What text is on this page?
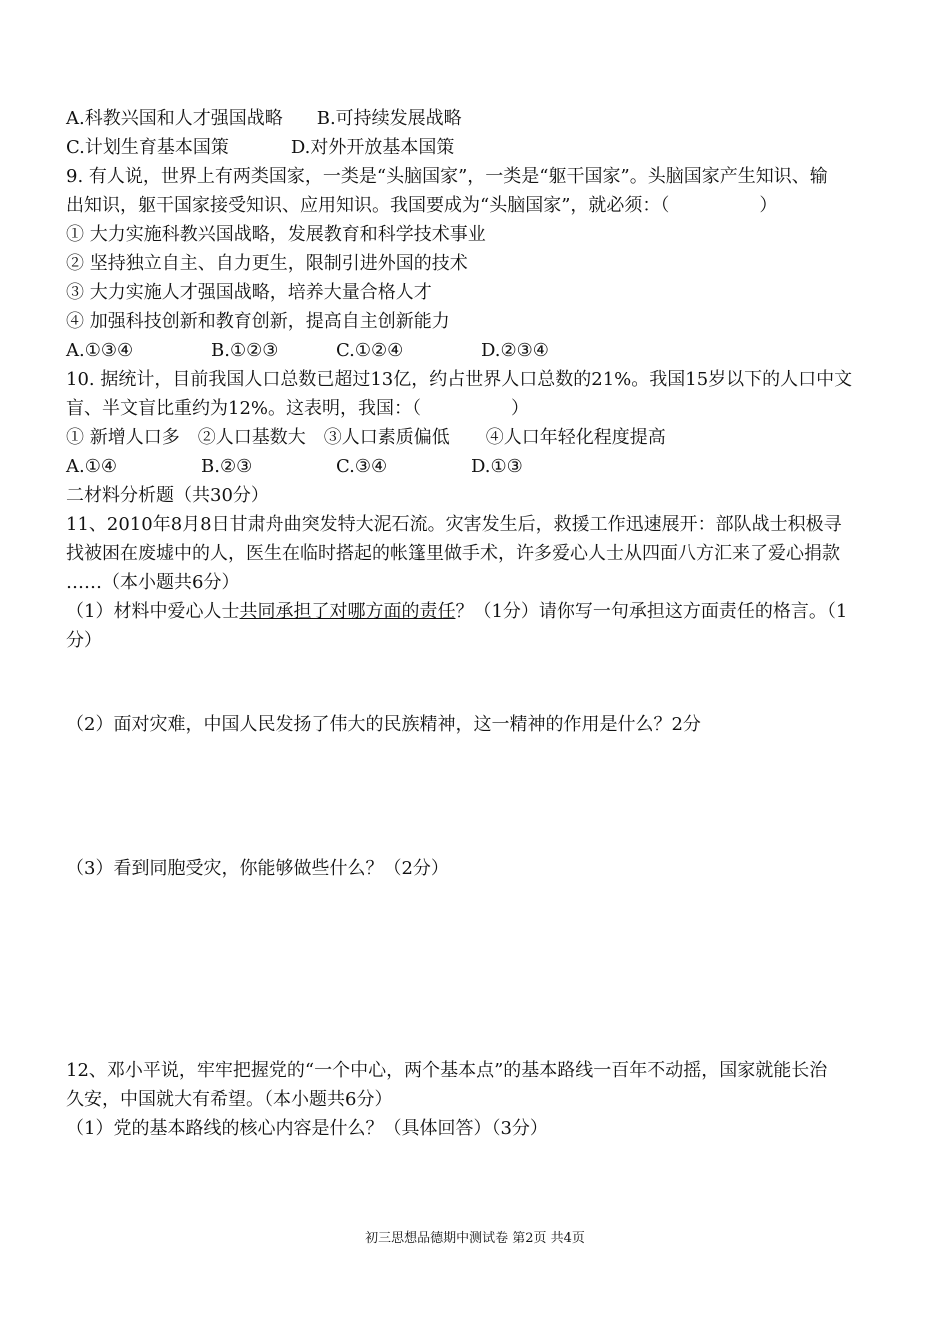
A.科教兴国和人才强国战略 B.可持续发展战略
C.计划生育基本国策	D.对外开放基本国策
9. 有人说，世界上有两类国家，一类是“头脑国家”，一类是“躯干国家”。头脑国家产生知识、输
出知识，躯干国家接受知识、应用知识。我国要成为“头脑国家”，就必须：（　　　　　）
① 大力实施科教兴国战略，发展教育和科学技术事业
② 坚持独立自主、自力更生，限制引进外国的技术
③ 大力实施人才强国战略，培养大量合格人才
④ 加强科技创新和教育创新，提高自主创新能力
A.①③④	B.①②③	C.①②④	D.②③④
10. 据统计，目前我国人口总数已超过13亿，约占世界人口总数的21%。我国15岁以下的人口中文
盲、半文盲比重约为12%。这表明，我国：（　　　　　）
① 新增人口多　②人口基数大　③人口素质偏低　　④人口年轻化程度提高
A.①④	B.②③	C.③④	D.①③
二材料分析题（共30分）
11、2010年8月8日甘肃舟曲突发特大泥石流。灾害发生后，救援工作迅速展开：部队战士积极寻
找被困在废墟中的人，医生在临时搭起的帐篷里做手术，许多爱心人士从四面八方汇来了爱心捐款
……（本小题共6分）
（1）材料中爱心人士共同承担了对哪方面的责任？（1分）请你写一句承担这方面责任的格言。（1
分）
（2）面对灾难，中国人民发扬了伟大的民族精神，这一精神的作用是什么？2分
（3）看到同胞受灾，你能够做些什么？（2分）
12、邓小平说，牢牢把握党的“一个中心，两个基本点”的基本路线一百年不动摇，国家就能长治
久安，中国就大有希望。（本小题共6分）
（1）党的基本路线的核心内容是什么？（具体回答）（3分）
初三思想品德期中测试卷 第2页 共4页
